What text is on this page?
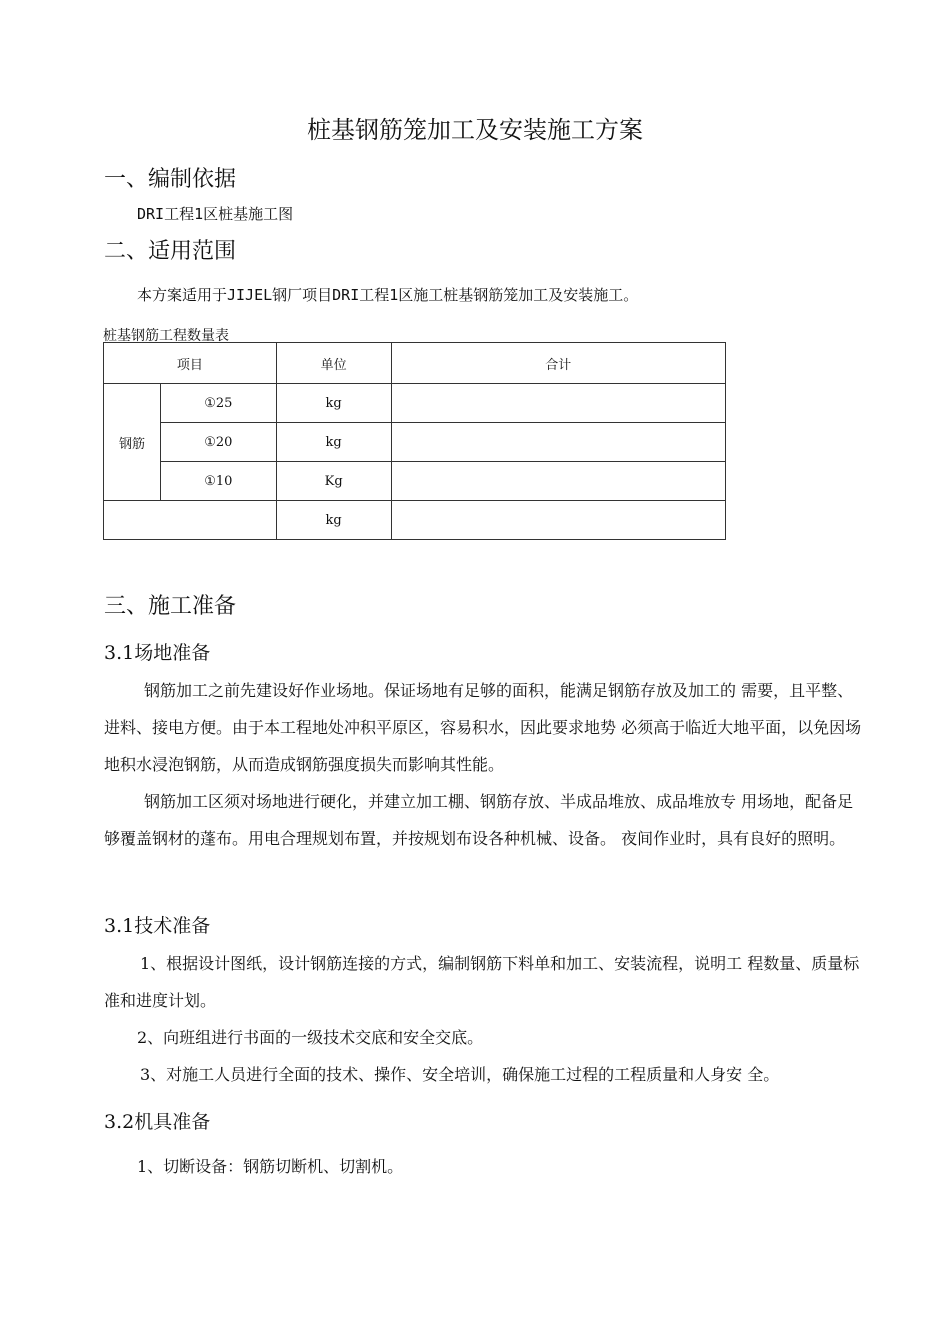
桩基钢筋笼加工及安装施工方案
一、编制依据
DRI工程1区桩基施工图
二、适用范围
本方案适用于JIJEL钢厂项目DRI工程1区施工桩基钢筋笼加工及安装施工。
桩基钢筋工程数量表
项目		单位	合计
钢筋	①25	kg	
	①20	kg	
	①10	Kg	
		kg	
三、施工准备
3.1场地准备

钢筋加工之前先建设好作业场地。保证场地有足够的面积，能满足钢筋存放及加工的 需要，且平整、进料、接电方便。由于本工程地处冲积平原区，容易积水，因此要求地势 必须高于临近大地平面，以免因场地积水浸泡钢筋，从而造成钢筋强度损失而影响其性能。

钢筋加工区须对场地进行硬化，并建立加工棚、钢筋存放、半成品堆放、成品堆放专 用场地，配备足够覆盖钢材的蓬布。用电合理规划布置，并按规划布设各种机械、设备。 夜间作业时，具有良好的照明。

3.1技术准备

1、根据设计图纸，设计钢筋连接的方式，编制钢筋下料单和加工、安装流程，说明工 程数量、质量标准和进度计划。

2、向班组进行书面的一级技术交底和安全交底。

3、对施工人员进行全面的技术、操作、安全培训，确保施工过程的工程质量和人身安 全。

3.2机具准备
1、切断设备：钢筋切断机、切割机。
